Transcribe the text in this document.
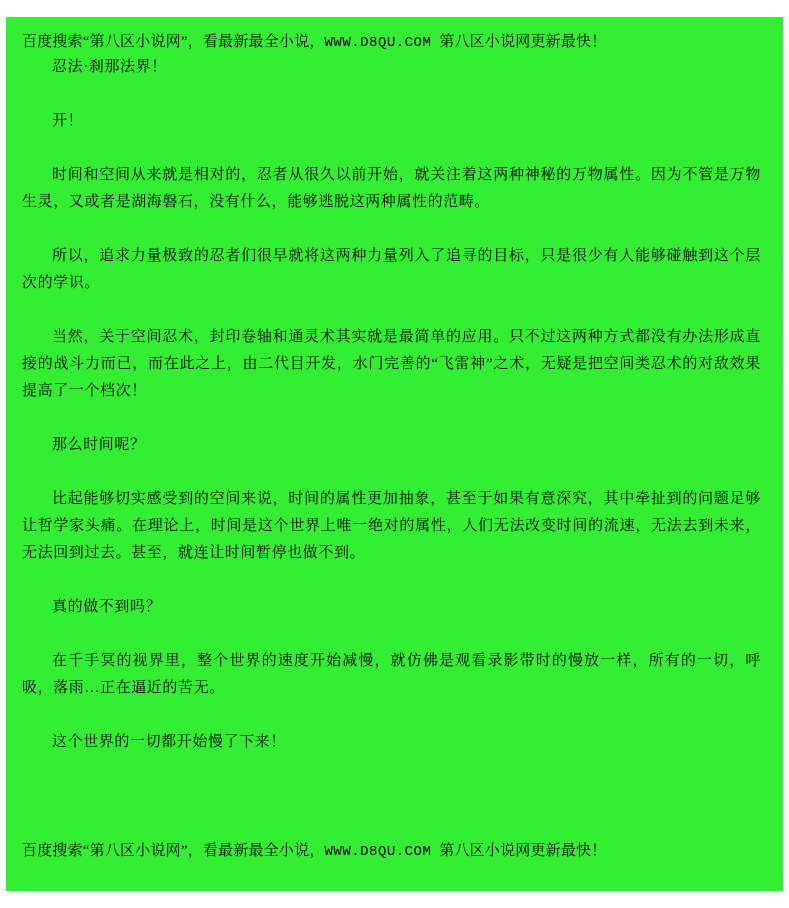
百度搜索“第八区小说网”，看最新最全小说，WWW.D8QU.COM 第八区小说网更新最快！

忍法·刹那法界！

开！

时间和空间从来就是相对的，忍者从很久以前开始，就关注着这两种神秘的万物属性。因为不管是万物生灵，又或者是湖海磐石，没有什么，能够逃脱这两种属性的范畴。

所以，追求力量极致的忍者们很早就将这两种力量列入了追寻的目标，只是很少有人能够碰触到这个层次的学识。

当然，关于空间忍术，封印卷轴和通灵术其实就是最简单的应用。只不过这两种方式都没有办法形成直接的战斗力而已，而在此之上，由二代目开发，水门完善的“飞雷神”之术，无疑是把空间类忍术的对敌效果提高了一个档次！

那么时间呢？

比起能够切实感受到的空间来说，时间的属性更加抽象，甚至于如果有意深究，其中牵扯到的问题足够让哲学家头痛。在理论上，时间是这个世界上唯一绝对的属性，人们无法改变时间的流速，无法去到未来，无法回到过去。甚至，就连让时间暂停也做不到。

真的做不到吗？

在千手冥的视界里，整个世界的速度开始减慢，就仿佛是观看录影带时的慢放一样，所有的一切，呼吸，落雨…正在逼近的苦无。

这个世界的一切都开始慢了下来！

百度搜索“第八区小说网”，看最新最全小说，WWW.D8QU.COM 第八区小说网更新最快！
